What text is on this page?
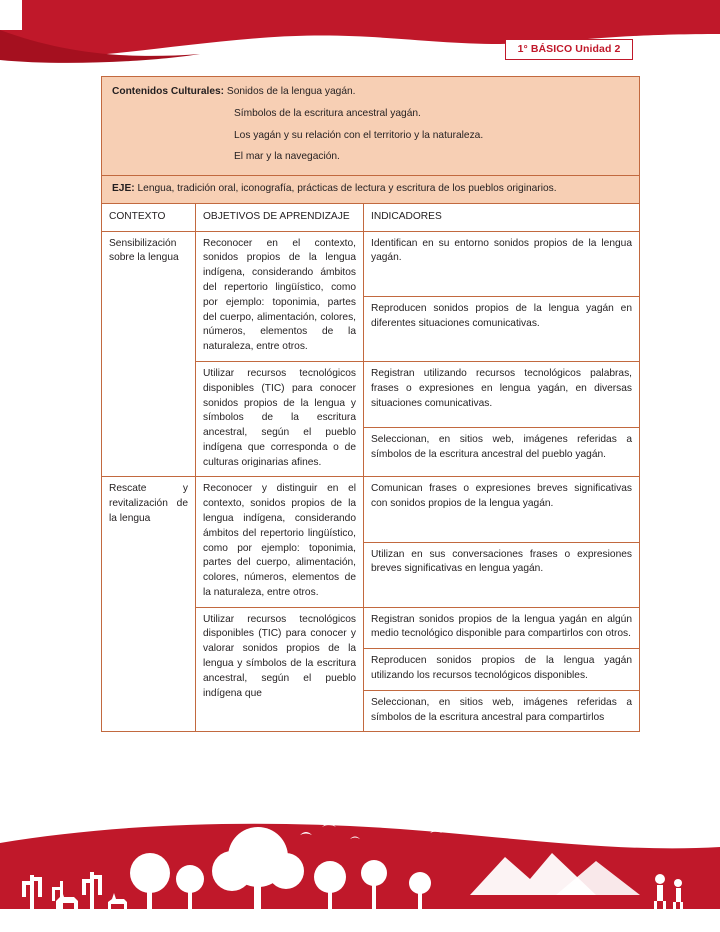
1° BÁSICO Unidad 2

Contenidos Culturales: Sonidos de la lengua yagán.

Símbolos de la escritura ancestral yagán.

Los yagán y su relación con el territorio y la naturaleza.

El mar y la navegación.		

EJE: Lengua, tradición oral, iconografía, prácticas de lectura y escritura de los pueblos originarios.		
CONTEXTO	OBJETIVOS DE APRENDIZAJE	INDICADORES
Sensibilización sobre la lengua	Reconocer en el contexto, sonidos propios de la lengua indígena, considerando ámbitos del repertorio lingüístico, como por ejemplo: toponimia, partes del cuerpo, alimentación, colores, números, elementos de la naturaleza, entre otros.	Identifican en su entorno sonidos propios de la lengua yagán.
		Reproducen sonidos propios de la lengua yagán en diferentes situaciones comunicativas.
	Utilizar recursos tecnológicos disponibles (TIC) para conocer sonidos propios de la lengua y símbolos de la escritura ancestral, según el pueblo indígena que corresponda o de culturas originarias afines.	Registran utilizando recursos tecnológicos palabras, frases o expresiones en lengua yagán, en diversas situaciones comunicativas.
		Seleccionan, en sitios web, imágenes referidas a símbolos de la escritura ancestral del pueblo yagán.
Rescate y revitalización de la lengua	Reconocer y distinguir en el contexto, sonidos propios de la lengua indígena, considerando ámbitos del repertorio lingüístico, como por ejemplo: toponimia, partes del cuerpo, alimentación, colores, números, elementos de la naturaleza, entre otros.	Comunican frases o expresiones breves significativas con sonidos propios de la lengua yagán.
		Utilizan en sus conversaciones frases o expresiones breves significativas en lengua yagán.
	Utilizar recursos tecnológicos disponibles (TIC) para conocer y valorar sonidos propios de la lengua y símbolos de la escritura ancestral, según el pueblo indígena que	Registran sonidos propios de la lengua yagán en algún medio tecnológico disponible para compartirlos con otros.
		Reproducen sonidos propios de la lengua yagán utilizando los recursos tecnológicos disponibles.
		Seleccionan, en sitios web, imágenes referidas a símbolos de la escritura ancestral para compartirlos
